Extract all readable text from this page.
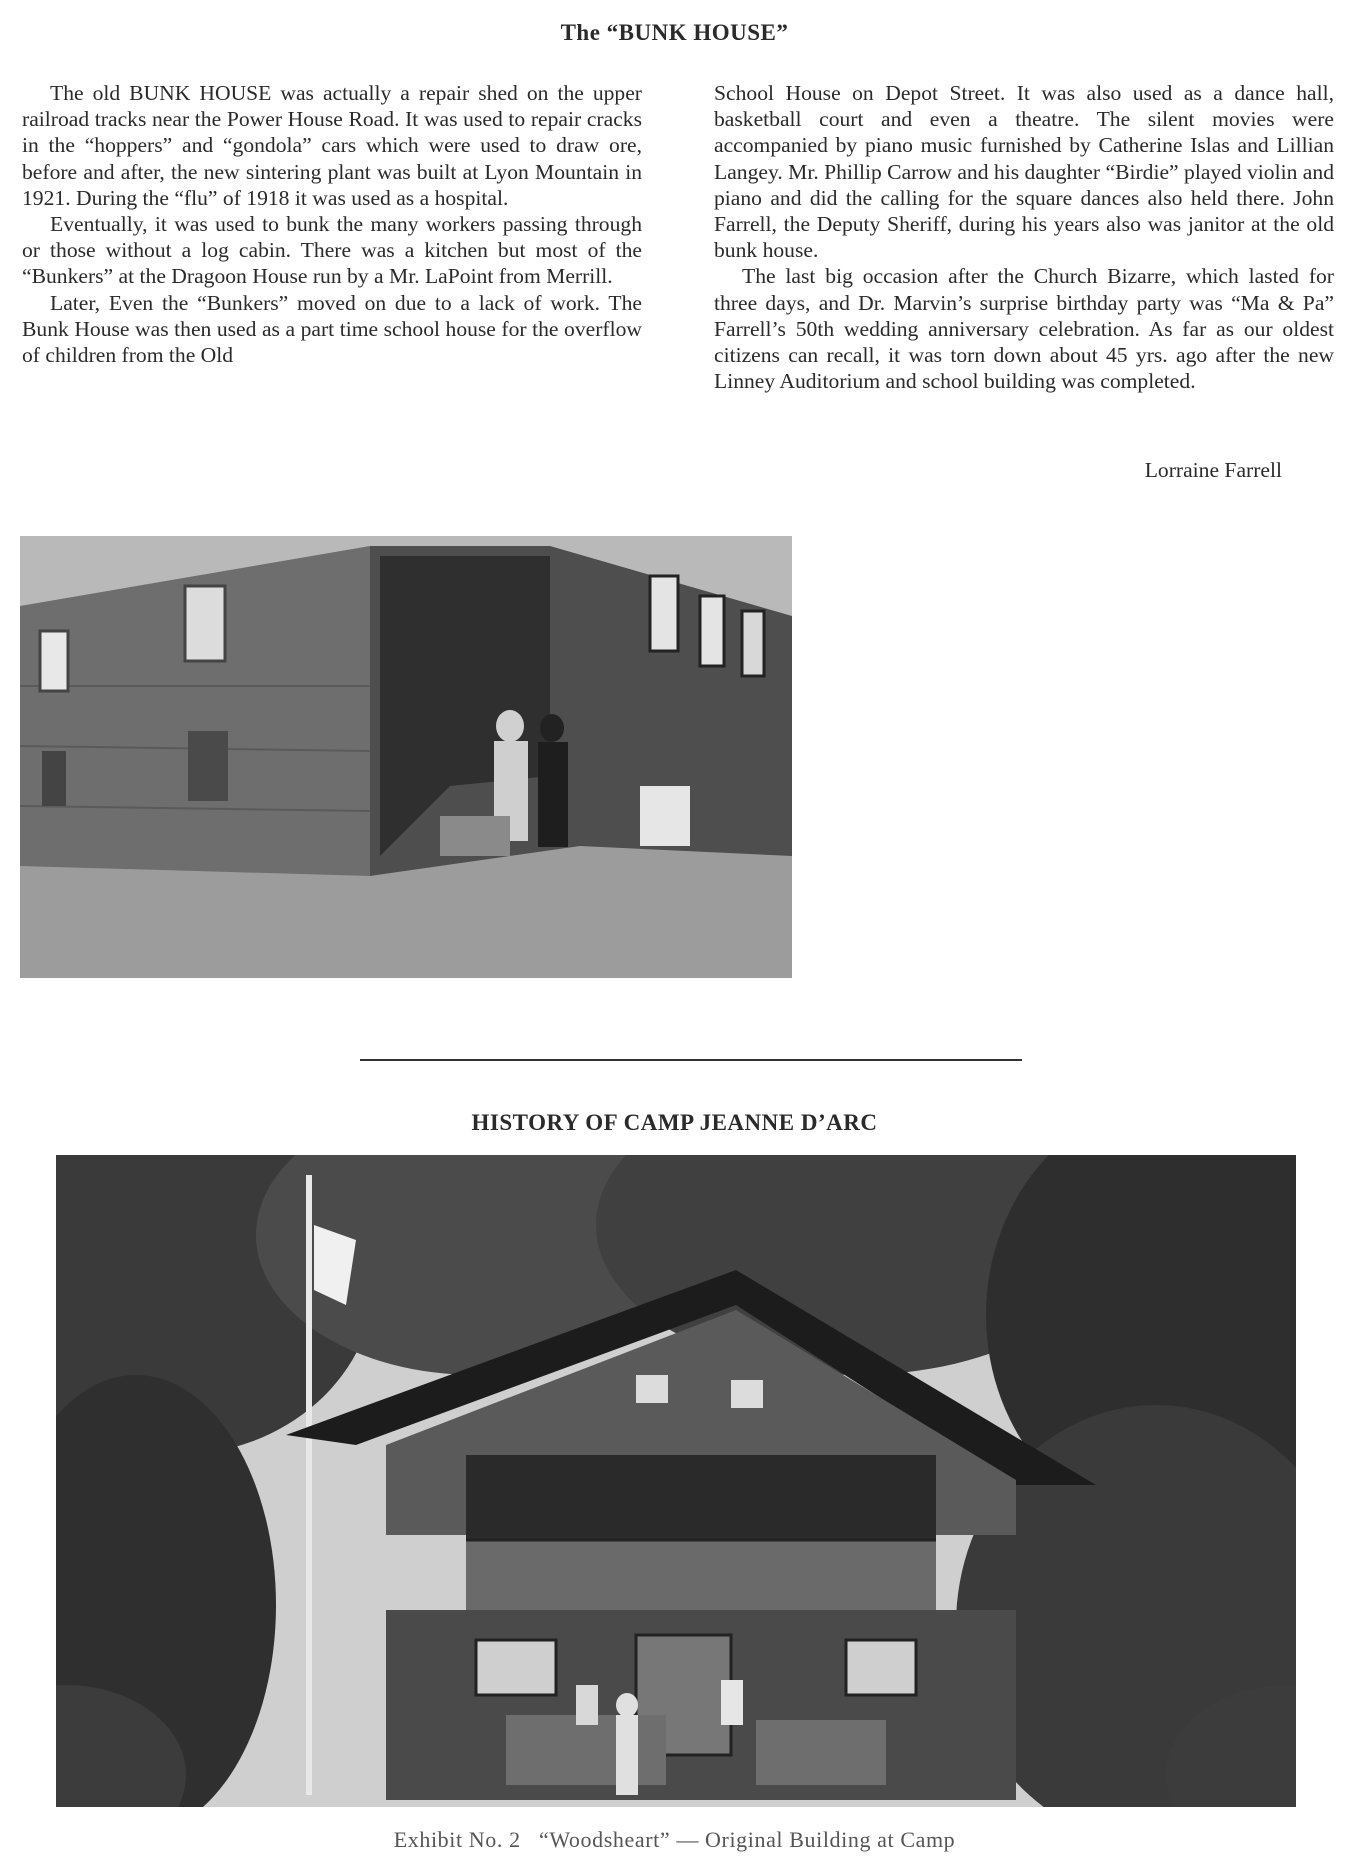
The “BUNK HOUSE”

The old BUNK HOUSE was actually a repair shed on the upper railroad tracks near the Power House Road. It was used to repair cracks in the “hoppers” and “gondola” cars which were used to draw ore, before and after, the new sintering plant was built at Lyon Mountain in 1921. During the “flu” of 1918 it was used as a hospital.

Eventually, it was used to bunk the many workers passing through or those without a log cabin. There was a kitchen but most of the “Bunkers” at the Dragoon House run by a Mr. LaPoint from Merrill.

Later, Even the “Bunkers” moved on due to a lack of work. The Bunk House was then used as a part time school house for the overflow of children from the Old

School House on Depot Street. It was also used as a dance hall, basketball court and even a theatre. The silent movies were accompanied by piano music furnished by Catherine Islas and Lillian Langey. Mr. Phillip Carrow and his daughter “Birdie” played violin and piano and did the calling for the square dances also held there. John Farrell, the Deputy Sheriff, during his years also was janitor at the old bunk house.

The last big occasion after the Church Bizarre, which lasted for three days, and Dr. Marvin’s surprise birthday party was “Ma & Pa” Farrell’s 50th wedding anniversary celebration. As far as our oldest citizens can recall, it was torn down about 45 yrs. ago after the new Linney Auditorium and school building was completed.

Lorraine Farrell
HISTORY OF CAMP JEANNE D’ARC
Exhibit No. 2   “Woodsheart” — Original Building at Camp
